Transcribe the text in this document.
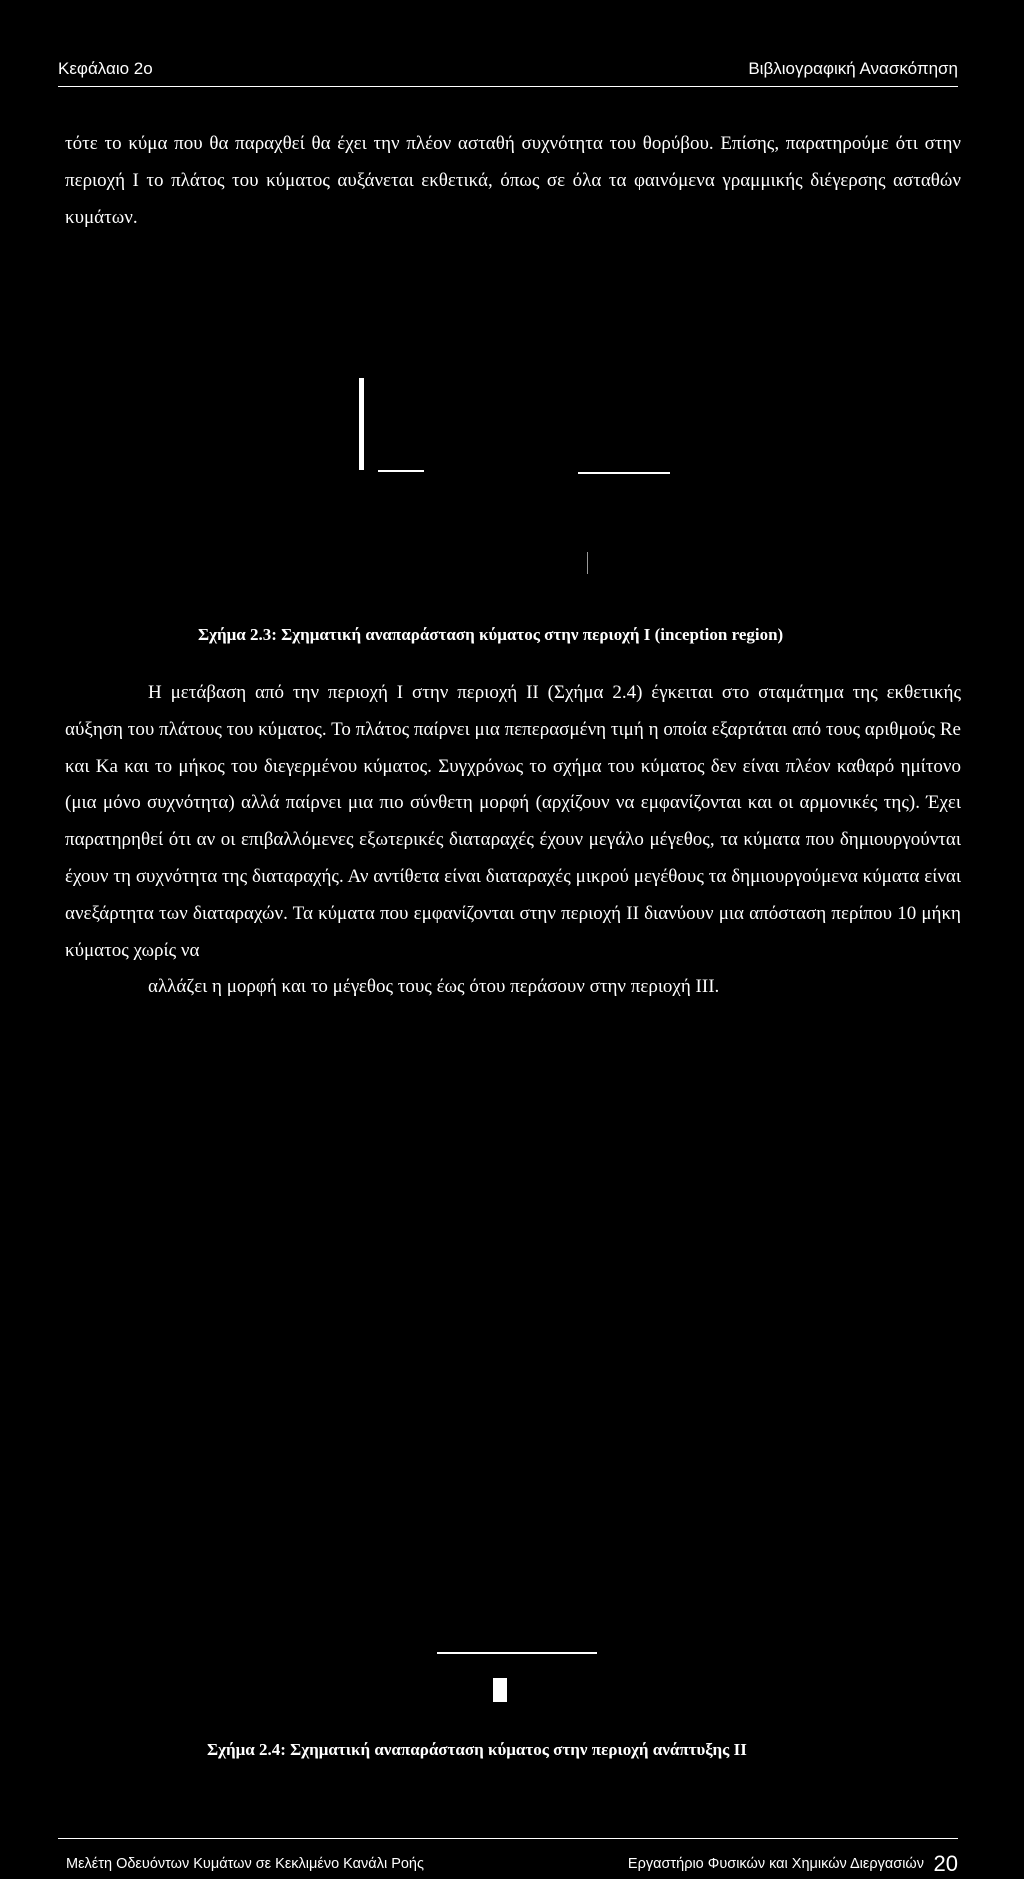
Κεφάλαιο 2ο	Βιβλιογραφική Ανασκόπηση
τότε το κύμα που θα παραχθεί θα έχει την πλέον ασταθή συχνότητα του θορύβου. Επίσης, παρατηρούμε ότι στην περιοχή Ι το πλάτος του κύματος αυξάνεται εκθετικά, όπως σε όλα τα φαινόμενα γραμμικής διέγερσης ασταθών κυμάτων.
Σχήμα 2.3: Σχηματική αναπαράσταση κύματος στην περιοχή Ι (inception region)
Η μετάβαση από την περιοχή Ι στην περιοχή ΙΙ (Σχήμα 2.4) έγκειται στο σταμάτημα της εκθετικής αύξηση του πλάτους του κύματος. Το πλάτος παίρνει μια πεπερασμένη τιμή η οποία εξαρτάται από τους αριθμούς Re και Ka και το μήκος του διεγερμένου κύματος. Συγχρόνως το σχήμα του κύματος δεν είναι πλέον καθαρό ημίτονο (μια μόνο συχνότητα) αλλά παίρνει μια πιο σύνθετη μορφή (αρχίζουν να εμφανίζονται και οι αρμονικές της). Έχει παρατηρηθεί ότι αν οι επιβαλλόμενες εξωτερικές διαταραχές έχουν μεγάλο μέγεθος, τα κύματα που δημιουργούνται έχουν τη συχνότητα της διαταραχής. Αν αντίθετα είναι διαταραχές μικρού μεγέθους τα δημιουργούμενα κύματα είναι ανεξάρτητα των διαταραχών. Τα κύματα που εμφανίζονται στην περιοχή ΙΙ διανύουν μια απόσταση περίπου 10 μήκη κύματος χωρίς να
αλλάζει η μορφή και το μέγεθος τους έως ότου περάσουν στην περιοχή ΙΙΙ.
Σχήμα 2.4: Σχηματική αναπαράσταση κύματος στην περιοχή ανάπτυξης ΙΙ
Μελέτη Οδευόντων Κυμάτων σε Κεκλιμένο Κανάλι Ροής	Εργαστήριο Φυσικών και Χημικών Διεργασιών 20
